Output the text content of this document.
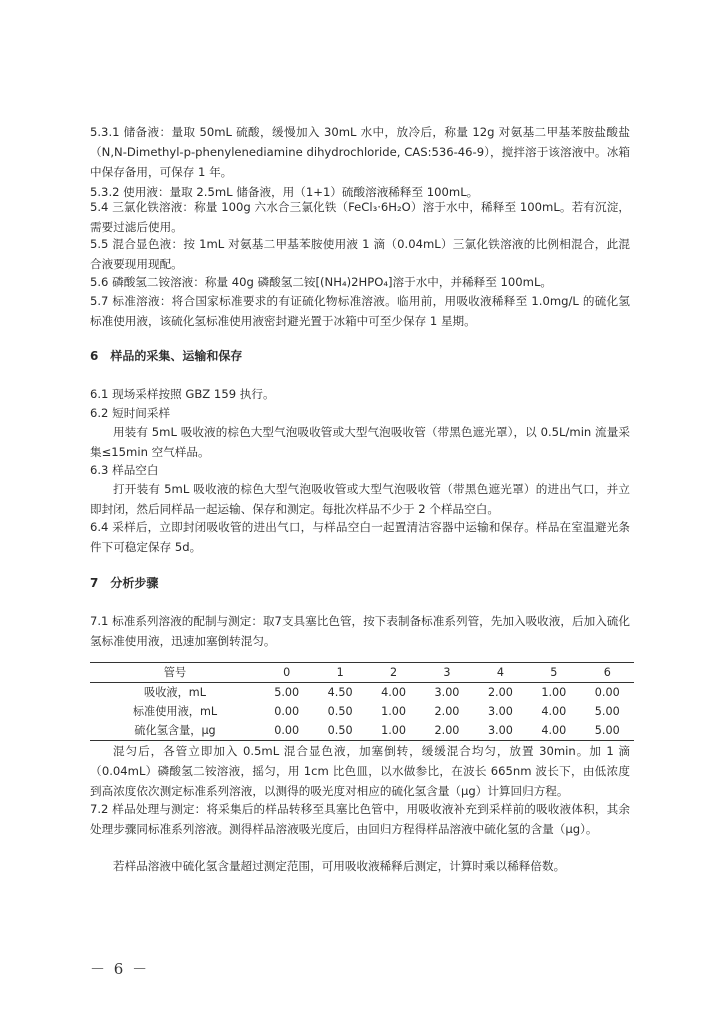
5.3.1 储备液：量取 50mL 硫酸，缓慢加入 30mL 水中，放冷后，称量 12g 对氨基二甲基苯胺盐酸盐（N,N-Dimethyl-p-phenylenediamine dihydrochloride, CAS:536-46-9），搅拌溶于该溶液中。冰箱中保存备用，可保存 1 年。

5.3.2 使用液：量取 2.5mL 储备液，用（1+1）硫酸溶液稀释至 100mL。

5.4 三氯化铁溶液：称量 100g 六水合三氯化铁（FeCl₃·6H₂O）溶于水中，稀释至 100mL。若有沉淀，需要过滤后使用。

5.5 混合显色液：按 1mL 对氨基二甲基苯胺使用液 1 滴（0.04mL）三氯化铁溶液的比例相混合，此混合液要现用现配。

5.6 磷酸氢二铵溶液：称量 40g 磷酸氢二铵[(NH₄)2HPO₄]溶于水中，并稀释至 100mL。

5.7 标准溶液：将合国家标准要求的有证硫化物标准溶液。临用前，用吸收液稀释至 1.0mg/L 的硫化氢标准使用液，该硫化氢标准使用液密封避光置于冰箱中可至少保存 1 星期。

6　样品的采集、运输和保存

6.1 现场采样按照 GBZ 159 执行。

6.2 短时间采样

用装有 5mL 吸收液的棕色大型气泡吸收管或大型气泡吸收管（带黑色遮光罩），以 0.5L/min 流量采集≤15min 空气样品。

6.3 样品空白

打开装有 5mL 吸收液的棕色大型气泡吸收管或大型气泡吸收管（带黑色遮光罩）的进出气口，并立即封闭，然后同样品一起运输、保存和测定。每批次样品不少于 2 个样品空白。

6.4 采样后，立即封闭吸收管的进出气口，与样品空白一起置清洁容器中运输和保存。样品在室温避光条件下可稳定保存 5d。

7　分析步骤

7.1 标准系列溶液的配制与测定：取7支具塞比色管，按下表制备标准系列管，先加入吸收液，后加入硫化氢标准使用液，迅速加塞倒转混匀。

管号	0	1	2	3	4	5	6
吸收液，mL	5.00	4.50	4.00	3.00	2.00	1.00	0.00
标准使用液，mL	0.00	0.50	1.00	2.00	3.00	4.00	5.00
硫化氢含量，μg	0.00	0.50	1.00	2.00	3.00	4.00	5.00

混匀后，各管立即加入 0.5mL 混合显色液，加塞倒转，缓缓混合均匀，放置 30min。加 1 滴（0.04mL）磷酸氢二铵溶液，摇匀，用 1cm 比色皿，以水做参比，在波长 665nm 波长下，由低浓度到高浓度依次测定标准系列溶液，以测得的吸光度对相应的硫化氢含量（μg）计算回归方程。

7.2 样品处理与测定：将采集后的样品转移至具塞比色管中，用吸收液补充到采样前的吸收液体积，其余处理步骤同标准系列溶液。测得样品溶液吸光度后，由回归方程得样品溶液中硫化氢的含量（μg）。

若样品溶液中硫化氢含量超过测定范围，可用吸收液稀释后测定，计算时乘以稀释倍数。

－ 6 －
